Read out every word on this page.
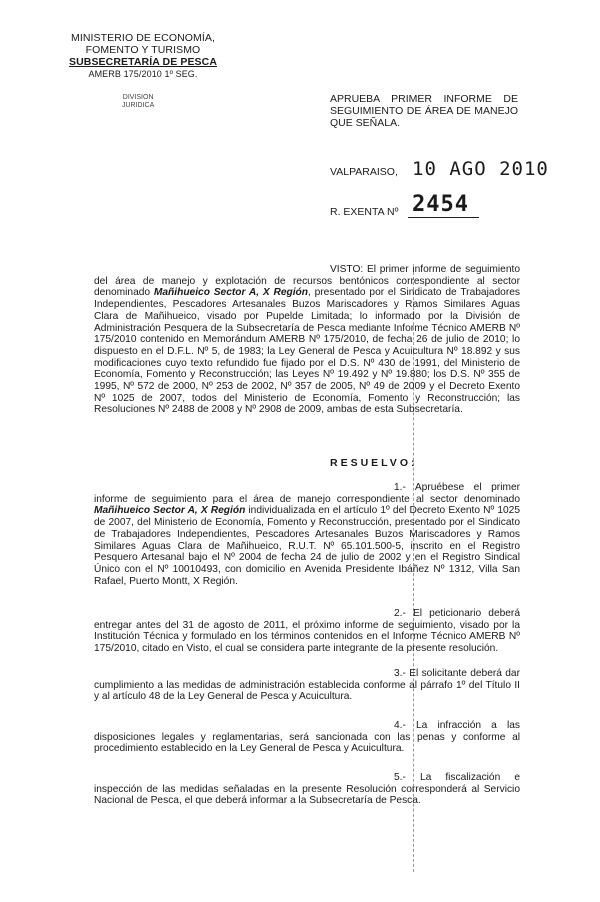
MINISTERIO DE ECONOMÍA,
FOMENTO Y TURISMO
SUBSECRETARÍA DE PESCA
AMERB 175/2010 1º SEG.
DIVISION
JURIDICA
APRUEBA PRIMER INFORME DE SEGUIMIENTO DE ÁREA DE MANEJO QUE SEÑALA.
VALPARAISO, 10 AGO 2010
R. EXENTA Nº 2454
VISTO: El primer informe de seguimiento del área de manejo y explotación de recursos bentónicos correspondiente al sector denominado Mañihueico Sector A, X Región, presentado por el Sindicato de Trabajadores Independientes, Pescadores Artesanales Buzos Mariscadores y Ramos Similares Aguas Clara de Mañihueico, visado por Pupelde Limitada; lo informado por la División de Administración Pesquera de la Subsecretaría de Pesca mediante Informe Técnico AMERB Nº 175/2010 contenido en Memorándum AMERB Nº 175/2010, de fecha 26 de julio de 2010; lo dispuesto en el D.F.L. Nº 5, de 1983; la Ley General de Pesca y Acuicultura Nº 18.892 y sus modificaciones cuyo texto refundido fue fijado por el D.S. Nº 430 de 1991, del Ministerio de Economía, Fomento y Reconstrucción; las Leyes Nº 19.492 y Nº 19.880; los D.S. Nº 355 de 1995, Nº 572 de 2000, Nº 253 de 2002, Nº 357 de 2005, Nº 49 de 2009 y el Decreto Exento Nº 1025 de 2007, todos del Ministerio de Economía, Fomento y Reconstrucción; las Resoluciones Nº 2488 de 2008 y Nº 2908 de 2009, ambas de esta Subsecretaría.
RESUELVO:
1.- Apruébese el primer informe de seguimiento para el área de manejo correspondiente al sector denominado Mañihueico Sector A, X Región individualizada en el artículo 1º del Decreto Exento Nº 1025 de 2007, del Ministerio de Economía, Fomento y Reconstrucción, presentado por el Sindicato de Trabajadores Independientes, Pescadores Artesanales Buzos Mariscadores y Ramos Similares Aguas Clara de Mañihueico, R.U.T. Nº 65.101.500-5, inscrito en el Registro Pesquero Artesanal bajo el Nº 2004 de fecha 24 de julio de 2002 y en el Registro Sindical Único con el Nº 10010493, con domicilio en Avenida Presidente Ibáñez Nº 1312, Villa San Rafael, Puerto Montt, X Región.
2.- El peticionario deberá entregar antes del 31 de agosto de 2011, el próximo informe de seguimiento, visado por la Institución Técnica y formulado en los términos contenidos en el Informe Técnico AMERB Nº 175/2010, citado en Visto, el cual se considera parte integrante de la presente resolución.
3.- El solicitante deberá dar cumplimiento a las medidas de administración establecida conforme al párrafo 1º del Título II y al artículo 48 de la Ley General de Pesca y Acuicultura.
4.- La infracción a las disposiciones legales y reglamentarias, será sancionada con las penas y conforme al procedimiento establecido en la Ley General de Pesca y Acuicultura.
5.- La fiscalización e inspección de las medidas señaladas en la presente Resolución corresponderá al Servicio Nacional de Pesca, el que deberá informar a la Subsecretaría de Pesca.
